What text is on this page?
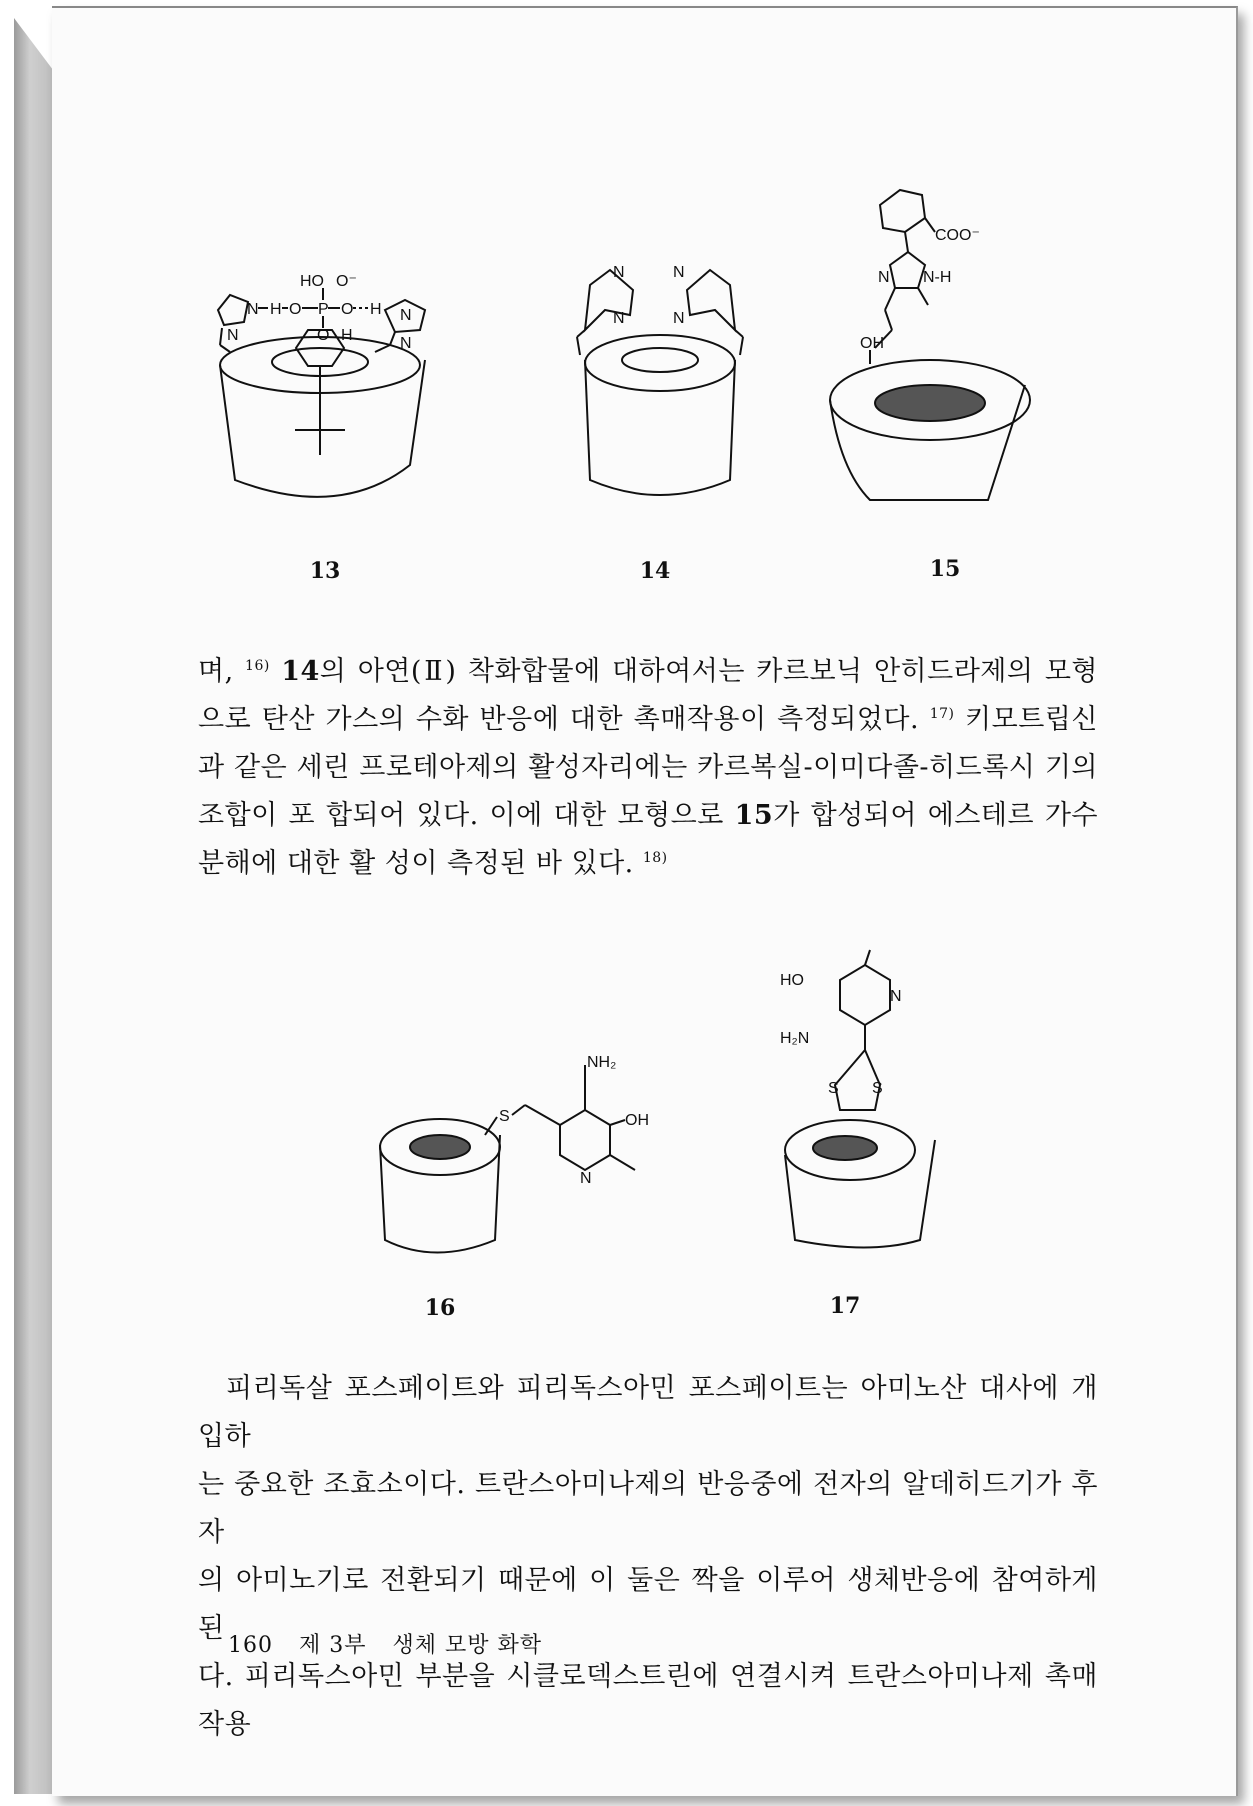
N H O P
HO O⁻
O
O H
N
H N
N
13
N
N
N
N
14
COO⁻
N N-H
OH
15

며, $^{16)}$ 14의 아연(Ⅱ) 착화합물에 대하여서는 카르보닉 안히드라제의 모형으로 탄산 가스의 수화 반응에 대한 촉매작용이 측정되었다. $^{17)}$ 키모트립신과 같은 세린 프로테아제의 활성자리에는 카르복실-이미다졸-히드록시 기의 조합이 포 합되어 있다. 이에 대한 모형으로 15가 합성되어 에스테르 가수분해에 대한 활 성이 측정된 바 있다. $^{18)}$

S
NH₂
OH
N
16
HO
N
H₂N
S S
17

피리독살 포스페이트와 피리독스아민 포스페이트는 아미노산 대사에 개입하

는 중요한 조효소이다. 트란스아미나제의 반응중에 전자의 알데히드기가 후자

의 아미노기로 전환되기 때문에 이 둘은 짝을 이루어 생체반응에 참여하게 된

다. 피리독스아민 부분을 시클로덱스트린에 연결시켜 트란스아미나제 촉매작용

160 제 3부 생체 모방 화학
